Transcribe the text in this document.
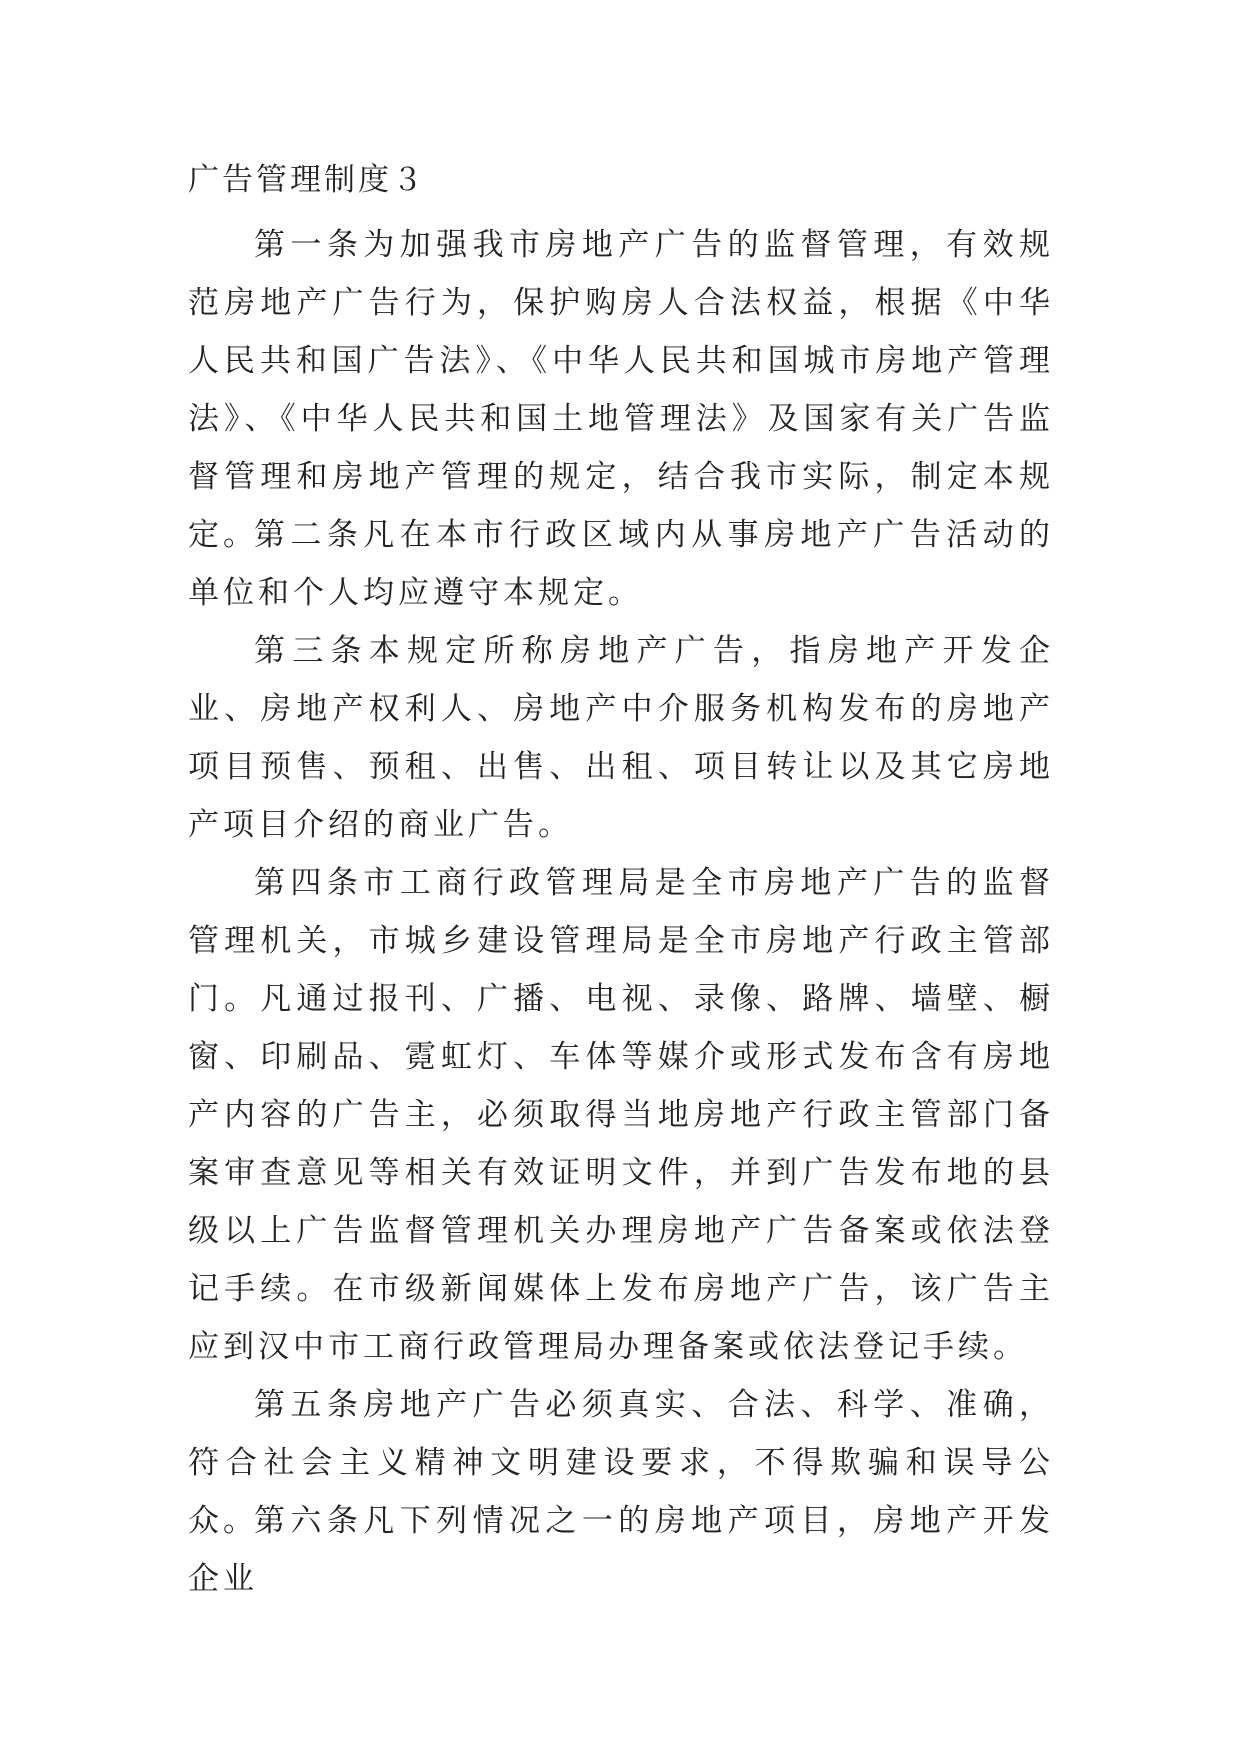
广告管理制度３

第一条为加强我市房地产广告的监督管理，有效规范房地产广告行为，保护购房人合法权益，根据《中华人民共和国广告法》、《中华人民共和国城市房地产管理法》、《中华人民共和国土地管理法》及国家有关广告监督管理和房地产管理的规定，结合我市实际，制定本规定。

第二条凡在本市行政区域内从事房地产广告活动的单位和个人均应遵守本规定。

第三条本规定所称房地产广告，指房地产开发企业、房地产权利人、房地产中介服务机构发布的房地产项目预售、预租、出售、出租、项目转让以及其它房地产项目介绍的商业广告。

第四条市工商行政管理局是全市房地产广告的监督管理机关，市城乡建设管理局是全市房地产行政主管部门。凡通过报刊、广播、电视、录像、路牌、墙壁、橱窗、印刷品、霓虹灯、车体等媒介或形式发布含有房地产内容的广告主，必须取得当地房地产行政主管部门备案审查意见等相关有效证明文件，并到广告发布地的县级以上广告监督管理机关办理房地产广告备案或依法登记手续。在市级新闻媒体上发布房地产广告，该广告主应到汉中市工商行政管理局办理备案或依法登记手续。

第五条房地产广告必须真实、合法、科学、准确，符合社会主义精神文明建设要求，不得欺骗和误导公众。

第六条凡下列情况之一的房地产项目，房地产开发企业
